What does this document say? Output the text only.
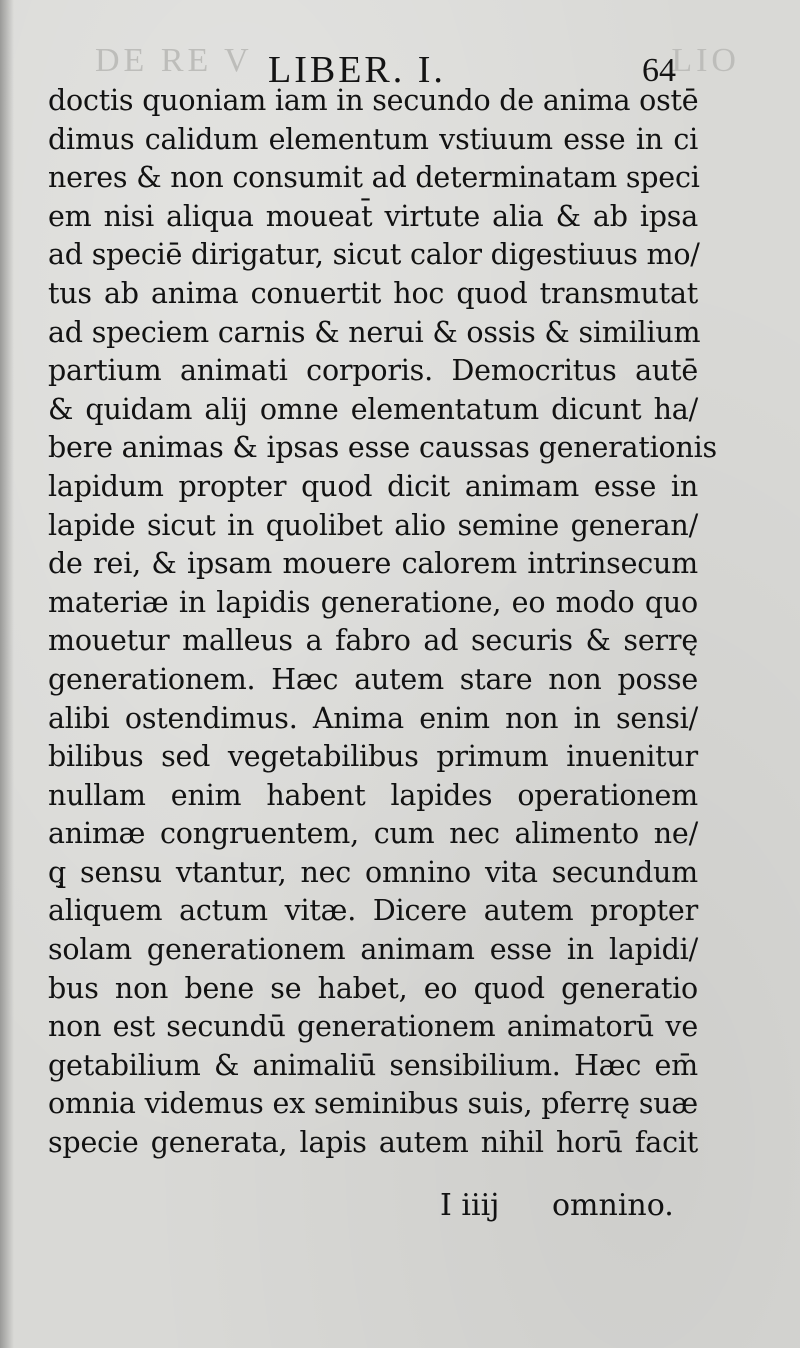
DE RE V	LIO
LIBER. I.	64
doctis quoniam iam in secundo de anima ostē
dimus calidum elementum vstiuum esse in ci
neres & non consumit ad determinatam speci
em nisi aliqua moueat̄ virtute alia & ab ipsa
ad speciē dirigatur, sicut calor digestiuus mo/
tus ab anima conuertit hoc quod transmutat
ad speciem carnis & nerui & ossis & similium
partium animati corporis. Democritus autē
& quidam alij omne elementatum dicunt ha/
bere animas & ipsas esse caussas generationis
lapidum propter quod dicit animam esse in
lapide sicut in quolibet alio semine generan/
de rei, & ipsam mouere calorem intrinsecum
materiæ in lapidis generatione, eo modo quo
mouetur malleus a fabro ad securis & serrę
generationem. Hæc autem stare non posse
alibi ostendimus. Anima enim non in sensi/
bilibus sed vegetabilibus primum inuenitur
nullam enim habent lapides operationem
animæ congruentem, cum nec alimento ne/
q̧ sensu vtantur, nec omnino vita secundum
aliquem actum vitæ. Dicere autem propter
solam generationem animam esse in lapidi/
bus non bene se habet, eo quod generatio
non est secundū generationem animatorū ve
getabilium & animaliū sensibilium. Hæc em̄
omnia videmus ex seminibus suis, pferrę suæ
specie generata, lapis autem nihil horū facit
I iiij omnino.
